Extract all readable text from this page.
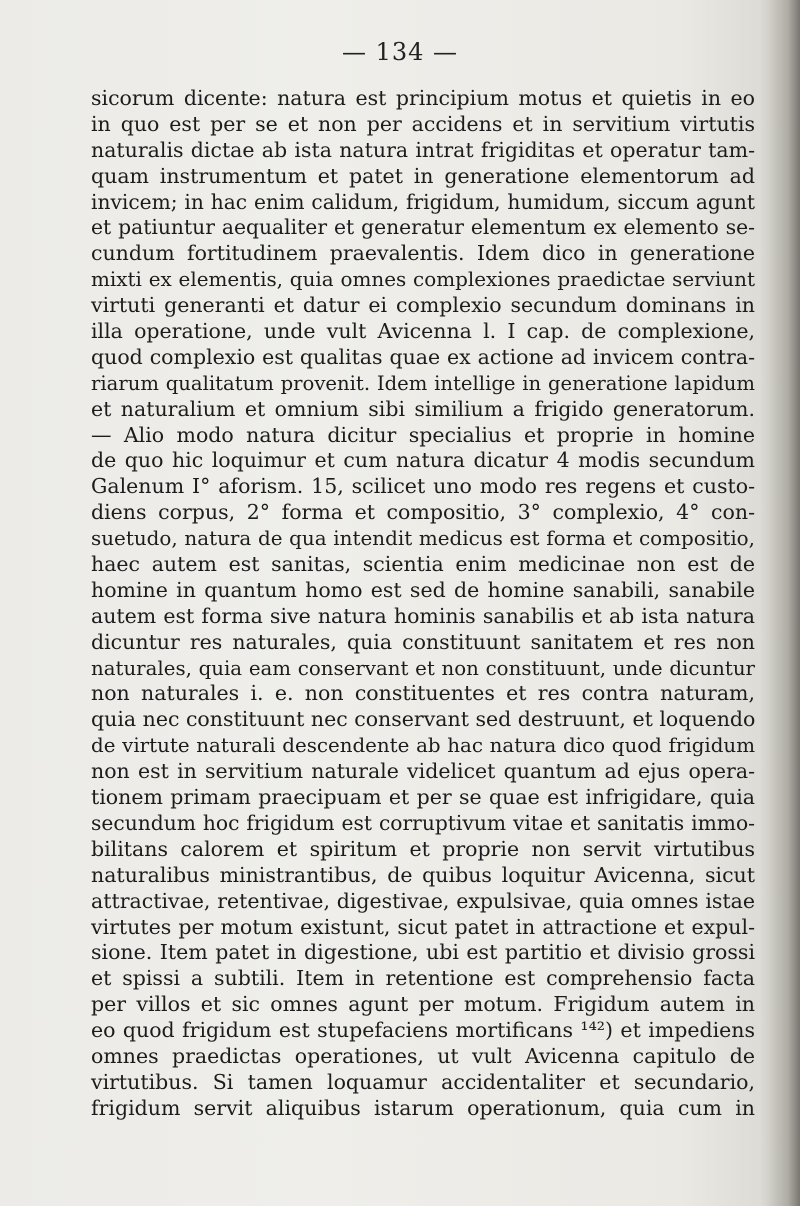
— 134 —
sicorum dicente: natura est principium motus et quietis in eo
in quo est per se et non per accidens et in servitium virtutis
naturalis dictae ab ista natura intrat frigiditas et operatur tam-
quam instrumentum et patet in generatione elementorum ad
invicem; in hac enim calidum, frigidum, humidum, siccum agunt
et patiuntur aequaliter et generatur elementum ex elemento se-
cundum fortitudinem praevalentis. Idem dico in generatione
mixti ex elementis, quia omnes complexiones praedictae serviunt
virtuti generanti et datur ei complexio secundum dominans in
illa operatione, unde vult Avicenna l. I cap. de complexione,
quod complexio est qualitas quae ex actione ad invicem contra-
riarum qualitatum provenit. Idem intellige in generatione lapidum
et naturalium et omnium sibi similium a frigido generatorum.
— Alio modo natura dicitur specialius et proprie in homine
de quo hic loquimur et cum natura dicatur 4 modis secundum
Galenum I° aforism. 15, scilicet uno modo res regens et custo-
diens corpus, 2° forma et compositio, 3° complexio, 4° con-
suetudo, natura de qua intendit medicus est forma et compositio,
haec autem est sanitas, scientia enim medicinae non est de
homine in quantum homo est sed de homine sanabili, sanabile
autem est forma sive natura hominis sanabilis et ab ista natura
dicuntur res naturales, quia constituunt sanitatem et res non
naturales, quia eam conservant et non constituunt, unde dicuntur
non naturales i. e. non constituentes et res contra naturam,
quia nec constituunt nec conservant sed destruunt, et loquendo
de virtute naturali descendente ab hac natura dico quod frigidum
non est in servitium naturale videlicet quantum ad ejus opera-
tionem primam praecipuam et per se quae est infrigidare, quia
secundum hoc frigidum est corruptivum vitae et sanitatis immo-
bilitans calorem et spiritum et proprie non servit virtutibus
naturalibus ministrantibus, de quibus loquitur Avicenna, sicut
attractivae, retentivae, digestivae, expulsivae, quia omnes istae
virtutes per motum existunt, sicut patet in attractione et expul-
sione. Item patet in digestione, ubi est partitio et divisio grossi
et spissi a subtili. Item in retentione est comprehensio facta
per villos et sic omnes agunt per motum. Frigidum autem in
eo quod frigidum est stupefaciens mortificans ¹⁴²) et impediens
omnes praedictas operationes, ut vult Avicenna capitulo de
virtutibus. Si tamen loquamur accidentaliter et secundario,
frigidum servit aliquibus istarum operationum, quia cum in
